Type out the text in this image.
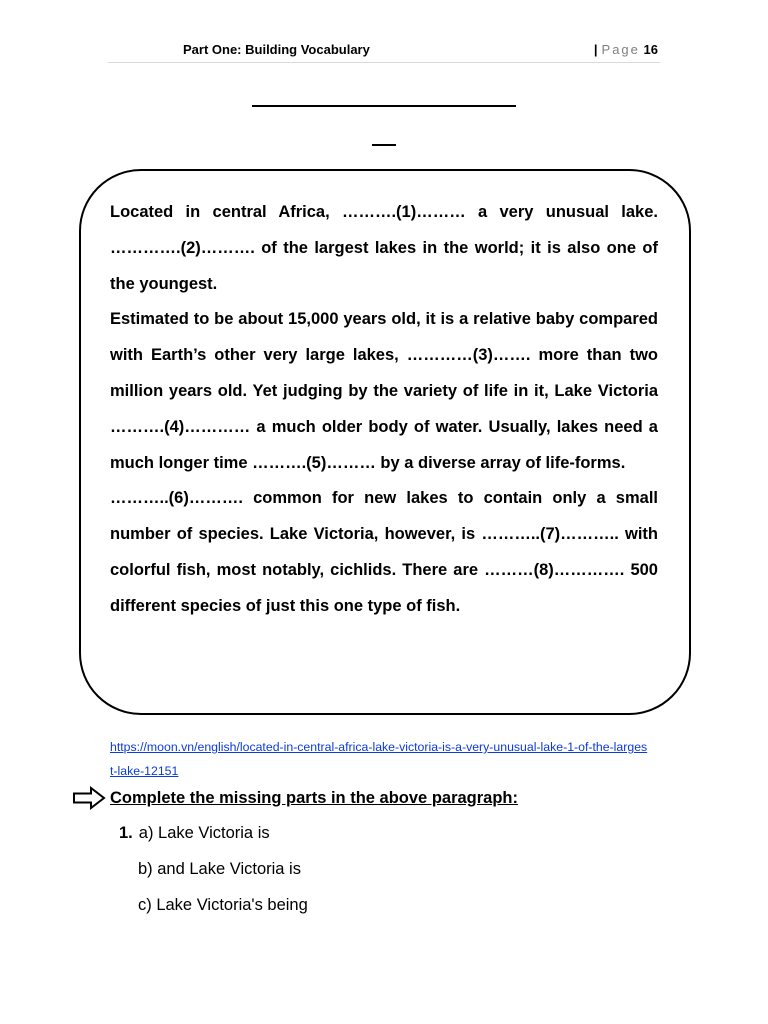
Part One: Building Vocabulary	| Page 16

Located in central Africa, ……….(1)……… a very unusual lake. ………….(2)………. of the largest lakes in the world; it is also one of the youngest.

Estimated to be about 15,000 years old, it is a relative baby compared with Earth’s other very large lakes, …………(3)……. more than two million years old. Yet judging by the variety of life in it, Lake Victoria ……….(4)………… a much older body of water. Usually, lakes need a much longer time ……….(5)……… by a diverse array of life-forms.

………..(6)………. common for new lakes to contain only a small number of species. Lake Victoria, however, is ………..(7)……….. with colorful fish, most notably, cichlids. There are ………(8)…………. 500 different species of just this one type of fish.

https://moon.vn/english/located-in-central-africa-lake-victoria-is-a-very-unusual-lake-1-of-the-largest-lake-12151
Complete the missing parts in the above paragraph:
1. a) Lake Victoria is
b) and Lake Victoria is
c) Lake Victoria's being
